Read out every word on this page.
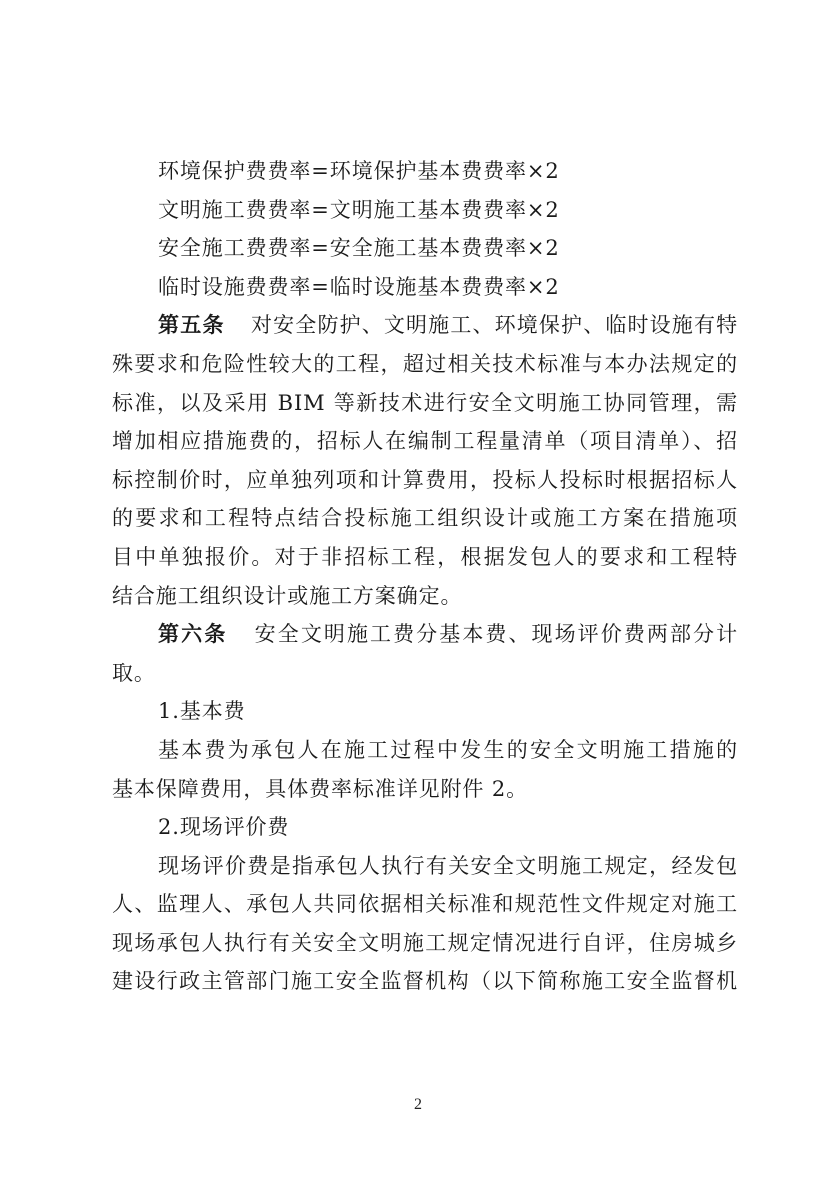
环境保护费费率=环境保护基本费费率×2
文明施工费费率=文明施工基本费费率×2
安全施工费费率=安全施工基本费费率×2
临时设施费费率=临时设施基本费费率×2
第五条 对安全防护、文明施工、环境保护、临时设施有特
殊要求和危险性较大的工程，超过相关技术标准与本办法规定的
标准，以及采用 BIM 等新技术进行安全文明施工协同管理，需
增加相应措施费的，招标人在编制工程量清单（项目清单）、招
标控制价时，应单独列项和计算费用，投标人投标时根据招标人
的要求和工程特点结合投标施工组织设计或施工方案在措施项
目中单独报价。对于非招标工程，根据发包人的要求和工程特
结合施工组织设计或施工方案确定。
第六条 安全文明施工费分基本费、现场评价费两部分计
取。
1.基本费
基本费为承包人在施工过程中发生的安全文明施工措施的
基本保障费用，具体费率标准详见附件 2。
2.现场评价费
现场评价费是指承包人执行有关安全文明施工规定，经发包
人、监理人、承包人共同依据相关标准和规范性文件规定对施工
现场承包人执行有关安全文明施工规定情况进行自评，住房城乡
建设行政主管部门施工安全监督机构（以下简称施工安全监督机
2
